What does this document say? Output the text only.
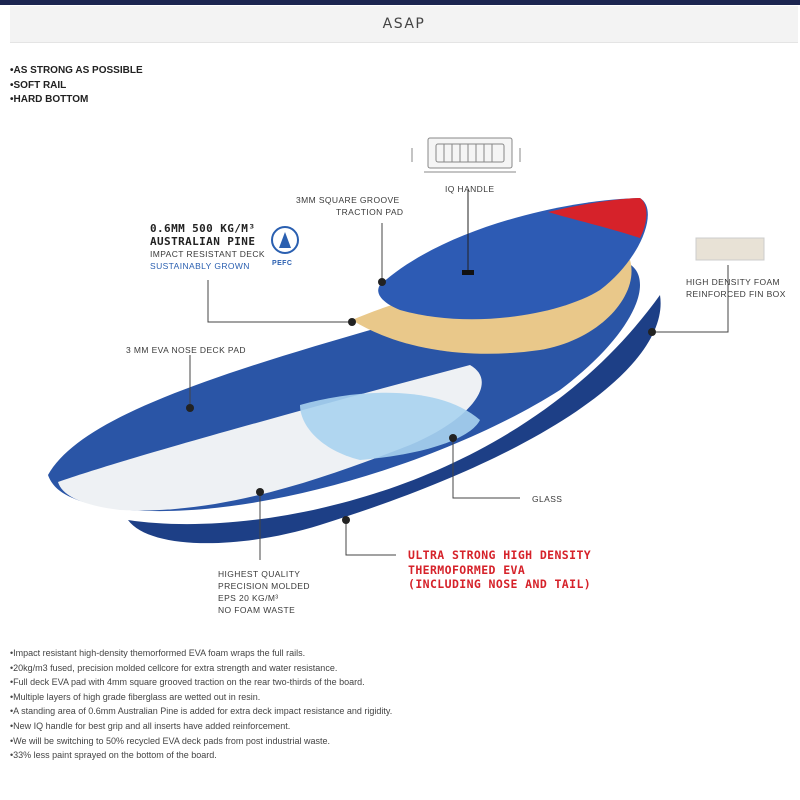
ASAP
• AS STRONG AS POSSIBLE
• SOFT RAIL
• HARD BOTTOM
IQ HANDLE
3MM SQUARE GROOVE
TRACTION PAD
0.6MM 500 KG/M³
AUSTRALIAN PINE
IMPACT RESISTANT DECK
SUSTAINABLY GROWN	PEFC
HIGH DENSITY FOAM
REINFORCED FIN BOX
3 MM EVA NOSE DECK PAD
GLASS
ULTRA STRONG HIGH DENSITY
THERMOFORMED EVA
(INCLUDING NOSE AND TAIL)
HIGHEST QUALITY
PRECISION MOLDED
EPS 20 KG/M³
NO FOAM WASTE
• Impact resistant high-density themorformed EVA foam wraps the full rails.
• 20kg/m3 fused, precision molded cellcore for extra strength and water resistance.
• Full deck EVA pad with 4mm square grooved traction on the rear two-thirds of the board.
• Multiple layers of high grade fiberglass are wetted out in resin.
• A standing area of 0.6mm Australian Pine is added for extra deck impact resistance and rigidity.
• New IQ handle for best grip and all inserts have added reinforcement.
• We will be switching to 50% recycled EVA deck pads from post industrial waste.
• 33% less paint sprayed on the bottom of the board.
